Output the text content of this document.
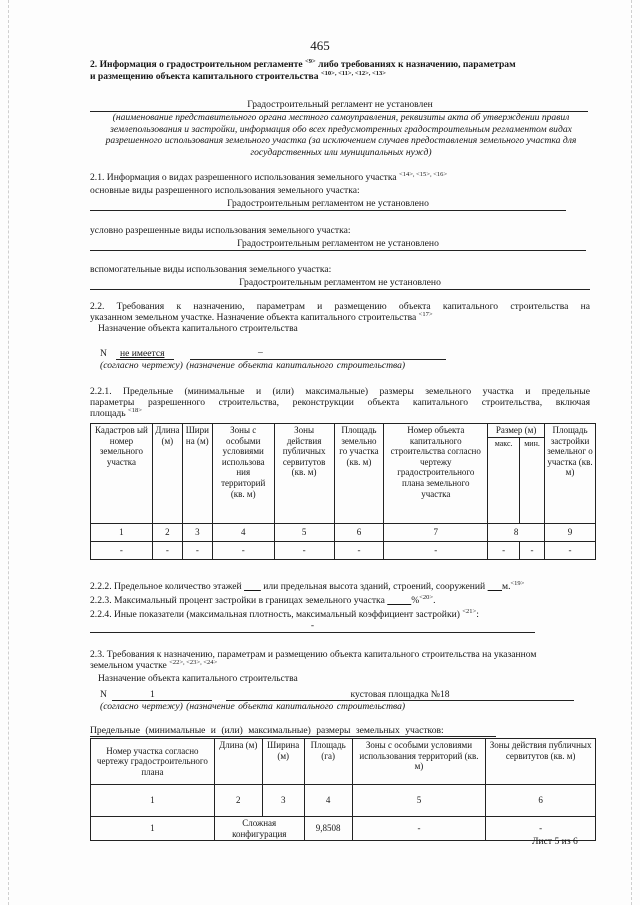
465
2. Информация о градостроительном регламенте $^{<9>}$ либо требованиях к назначению, параметрам
и размещению объекта капитального строительства $^{<10>, <11>, <12>, <13>}$
Градостроительный регламент не установлен
(наименование представительного органа местного самоуправления, реквизиты акта об утверждении правил землепользования и застройки, информация обо всех предусмотренных градостроительным регламентом видах разрешенного использования земельного участка (за исключением случаев предоставления земельного участка для государственных или муниципальных нужд)
2.1. Информация о видах разрешенного использования земельного участка $^{<14>, <15>, <16>}$
основные виды разрешенного использования земельного участка:
Градостроительным регламентом не установлено
условно разрешенные виды использования земельного участка:
Градостроительным регламентом не установлено
вспомогательные виды использования земельного участка:
Градостроительным регламентом не установлено
2.2. Требования к назначению, параметрам и размещению объекта капитального строительства на
указанном земельном участке. Назначение объекта капитального строительства $^{<17>}$
Назначение объекта капитального строительства
N не имеется	–
(согласно чертежу) (назначение объекта капитального строительства)
2.2.1. Предельные (минимальные и (или) максимальные) размеры земельного участка и предельные
параметры разрешенного строительства, реконструкции объекта капитального строительства, включая
площадь $^{<18>}$
Кадастров ый номер земельного участка	Длина (м)	Шири на (м)	Зоны с особыми условиями использова ния территорий (кв. м)	Зоны действия публичных сервитутов (кв. м)	Площадь земельно го участка (кв. м)	Номер объекта капитального строительства согласно чертежу градостроительного плана земельного участка	Размер (м)		Площадь застройки земельног о участка (кв. м)
							макс.	мин.	
1	2	3	4	5	6	7	8		9
-	-	-	-	-	-	-	-	-	-
2.2.2. Предельное количество этажей или предельная высота зданий, строений, сооружений м.$^{<19>}$
2.2.3. Максимальный процент застройки в границах земельного участка	%$^{<20>}$.
2.2.4. Иные показатели (максимальная плотность, максимальный коэффициент застройки) $^{<21>}$:
-
2.3. Требования к назначению, параметрам и размещению объекта капитального строительства на указанном
земельном участке $^{<22>, <23>, <24>}$
Назначение объекта капитального строительства
N	1	кустовая площадка №18
(согласно чертежу) (назначение объекта капитального строительства)
Предельные (минимальные и (или) максимальные) размеры земельных участков:
Номер участка согласно чертежу градостроительного плана	Длина (м)	Ширина (м)	Площадь (га)	Зоны с особыми условиями использования территорий (кв. м)	Зоны действия публичных сервитутов (кв. м)
1	2	3	4	5	6
1	Сложная конфигурация		9,8508	-	-
Лист 5 из 6
